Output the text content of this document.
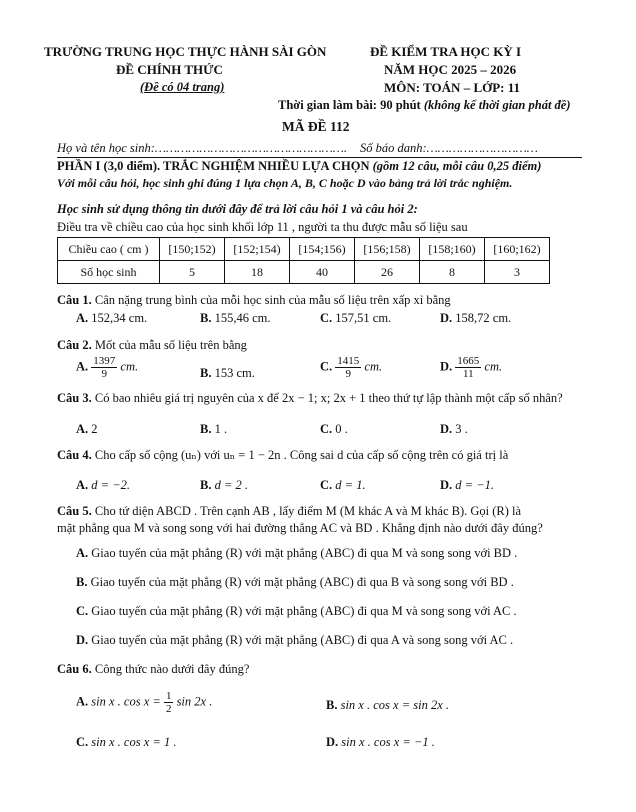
TRƯỜNG TRUNG HỌC THỰC HÀNH SÀI GÒN
ĐỀ CHÍNH THỨC
(Đề có 04 trang)
ĐỀ KIỂM TRA HỌC KỲ I
NĂM HỌC 2025 – 2026
MÔN: TOÁN – LỚP: 11
Thời gian làm bài: 90 phút (không kể thời gian phát đề)
MÃ ĐỀ 112
Họ và tên học sinh:……………………………………………. Số báo danh:…………………………
PHẦN I (3,0 điểm). TRẮC NGHIỆM NHIỀU LỰA CHỌN (gồm 12 câu, mỗi câu 0,25 điểm)
Với mỗi câu hỏi, học sinh ghi đúng 1 lựa chọn A, B, C hoặc D vào bảng trả lời trắc nghiệm.
Học sinh sử dụng thông tin dưới đây để trả lời câu hỏi 1 và câu hỏi 2:
Điều tra về chiều cao của học sinh khối lớp 11 , người ta thu được mẫu số liệu sau
Chiều cao ( cm )	[150;152)	[152;154)	[154;156)	[156;158)	[158;160)	[160;162)
Số học sinh	5	18	40	26	8	3
Câu 1. Cân nặng trung bình của mỗi học sinh của mẫu số liệu trên xấp xỉ bằng
A. 152,34 cm.	B. 155,46 cm.	C. 157,51 cm.	D. 158,72 cm.
Câu 2. Mốt của mẫu số liệu trên bằng
A. $\frac{1397}{9}$ cm.	B. 153 cm.	C. $\frac{1415}{9}$ cm.	D. $\frac{1665}{11}$ cm.
Câu 3. Có bao nhiêu giá trị nguyên của x để 2x − 1; x; 2x + 1 theo thứ tự lập thành một cấp số nhân?
A. 2	B. 1 .	C. 0 .	D. 3 .
Câu 4. Cho cấp số cộng (uₙ) với uₙ = 1 − 2n . Công sai d của cấp số cộng trên có giá trị là
A. d = −2.	B. d = 2 .	C. d = 1.	D. d = −1.
Câu 5. Cho tứ diện ABCD . Trên cạnh AB , lấy điểm M (M khác A và M khác B). Gọi (R) là
mặt phẳng qua M và song song với hai đường thẳng AC và BD . Khẳng định nào dưới đây đúng?
A. Giao tuyến của mặt phẳng (R) với mặt phẳng (ABC) đi qua M và song song với BD .
B. Giao tuyến của mặt phẳng (R) với mặt phẳng (ABC) đi qua B và song song với BD .
C. Giao tuyến của mặt phẳng (R) với mặt phẳng (ABC) đi qua M và song song với AC .
D. Giao tuyến của mặt phẳng (R) với mặt phẳng (ABC) đi qua A và song song với AC .
Câu 6. Công thức nào dưới đây đúng?
A. sin x . $\cos x = \frac{1}{2}$ sin 2x .	B. sin x . cos x = sin 2x .
C. sin x . cos x = 1 .	D. sin x . cos x = −1 .
